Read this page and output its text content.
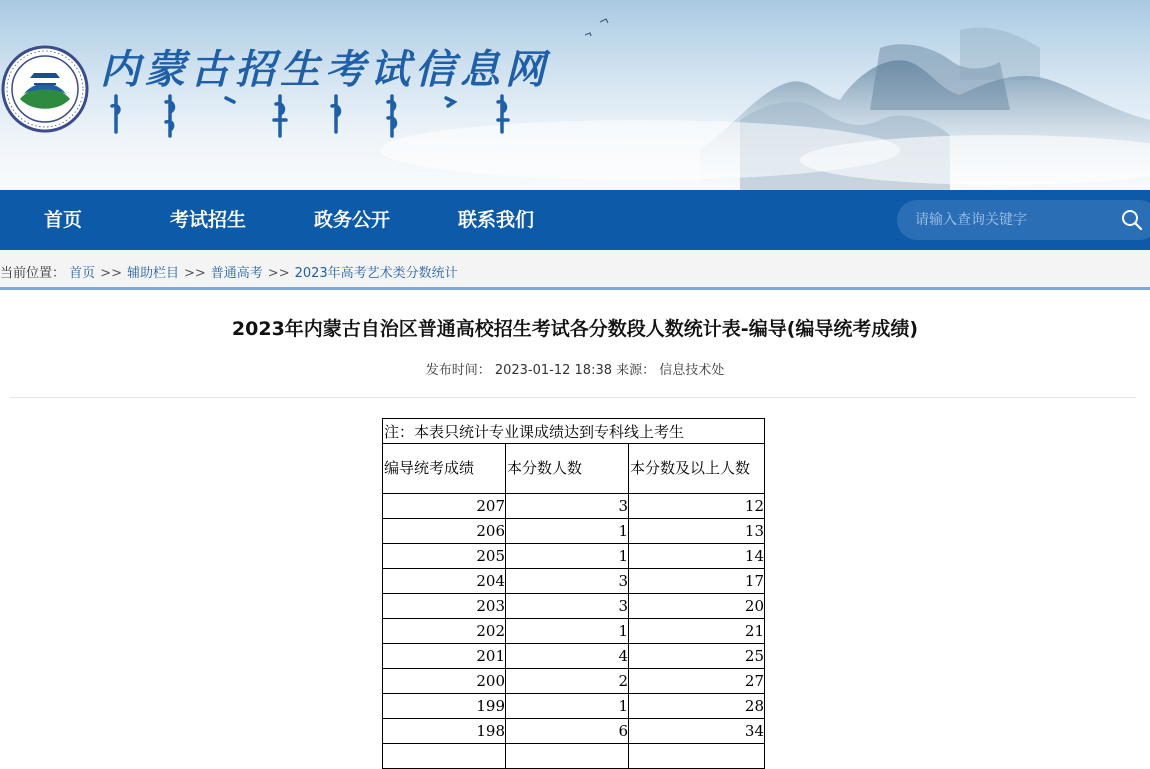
内蒙古招生考试信息网
首页	考试招生	政务公开	联系我们
请输入查询关键字
当前位置： 首页 >> 辅助栏目 >> 普通高考 >> 2023年高考艺术类分数统计
2023年内蒙古自治区普通高校招生考试各分数段人数统计表-编导(编导统考成绩)
发布时间： 2023-01-12 18:38 来源： 信息技术处
注：本表只统计专业课成绩达到专科线上考生		
编导统考成绩	本分数人数	本分数及以上人数
207	3	12
206	1	13
205	1	14
204	3	17
203	3	20
202	1	21
201	4	25
200	2	27
199	1	28
198	6	34
